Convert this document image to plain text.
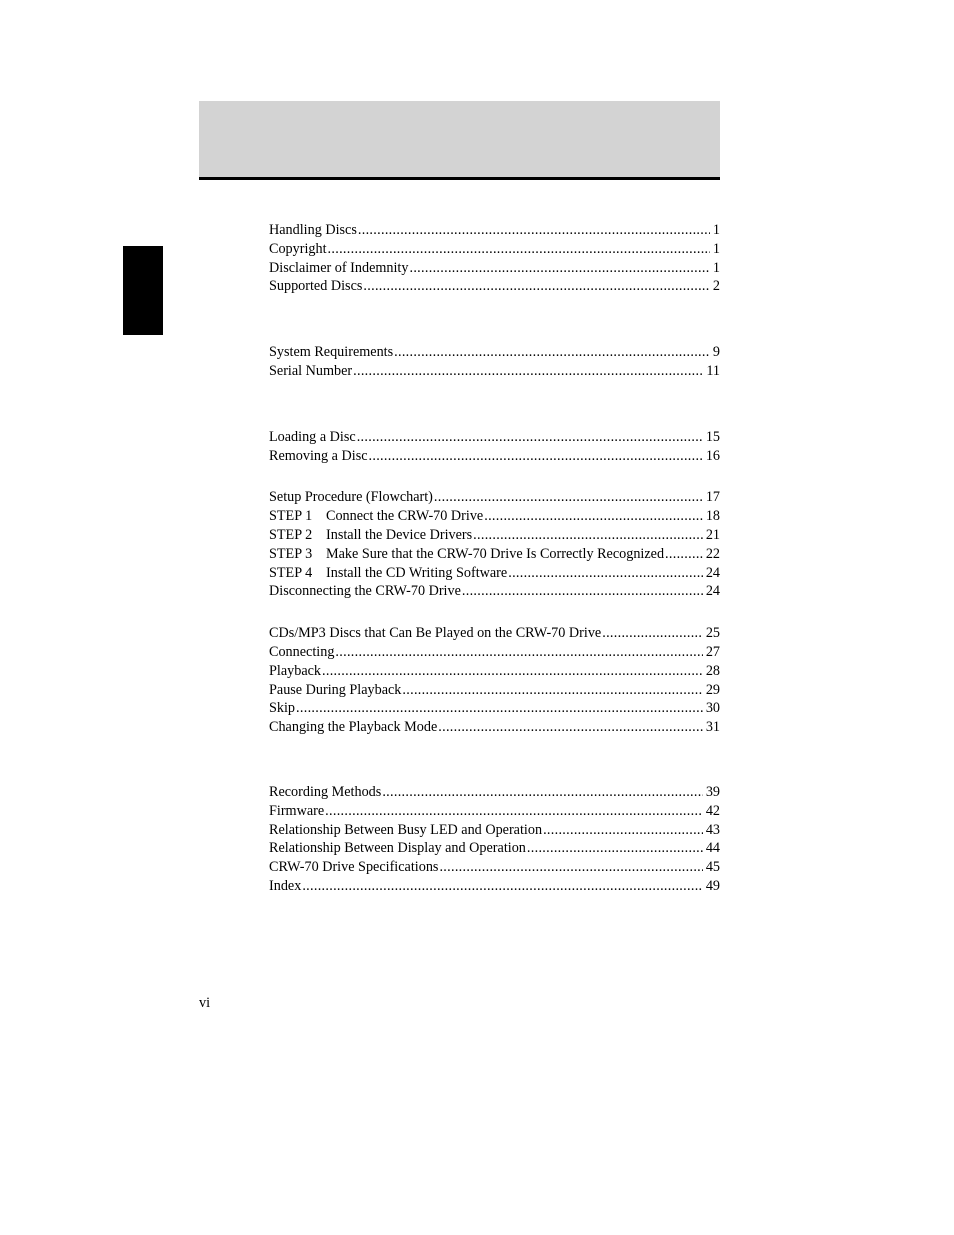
Handling Discs .....	1
Copyright .....	1
Disclaimer of Indemnity .....	1
Supported Discs .....	2
System Requirements .....	9
Serial Number .....	11
Loading a Disc .....	15
Removing a Disc .....	16
Setup Procedure (Flowchart) .....	17
STEP 1 Connect the CRW-70 Drive .....	18
STEP 2 Install the Device Drivers .....	21
STEP 3 Make Sure that the CRW-70 Drive Is Correctly Recognized .....	22
STEP 4 Install the CD Writing Software .....	24
Disconnecting the CRW-70 Drive .....	24
CDs/MP3 Discs that Can Be Played on the CRW-70 Drive .....	25
Connecting .....	27
Playback .....	28
Pause During Playback .....	29
Skip .....	30
Changing the Playback Mode .....	31
Recording Methods .....	39
Firmware .....	42
Relationship Between Busy LED and Operation .....	43
Relationship Between Display and Operation .....	44
CRW-70 Drive Specifications .....	45
Index .....	49
vi
